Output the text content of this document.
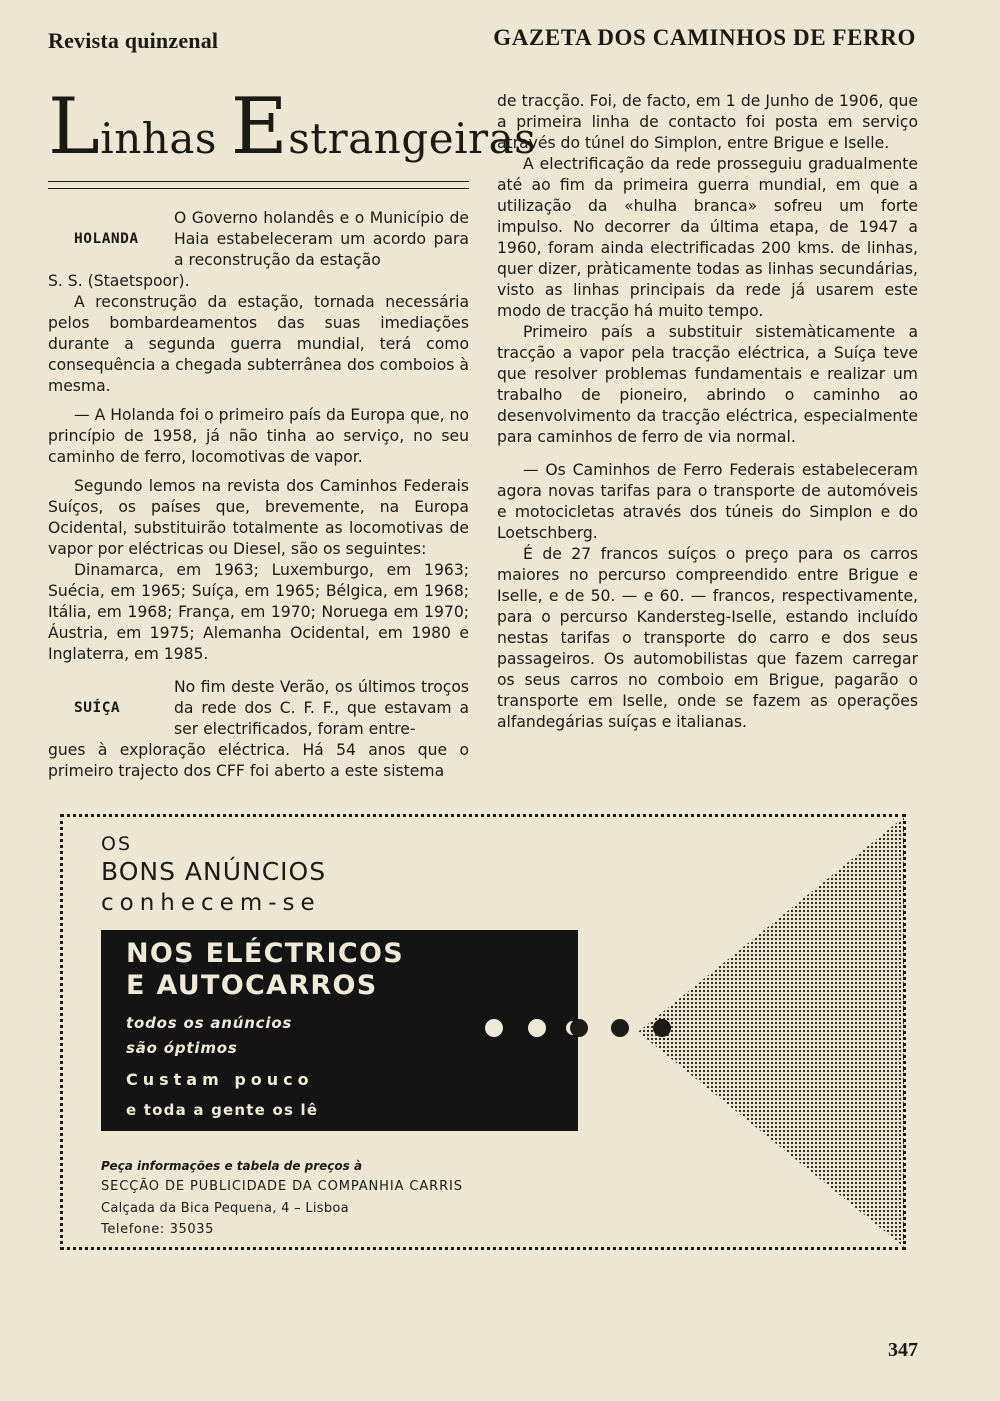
Revista quinzenal	GAZETA DOS CAMINHOS DE FERRO
Linhas Estrangeiras
HOLANDA

O Governo holandês e o Município de Haia estabeleceram um acordo para a reconstrução da estação

S. S. (Staetspoor).

A reconstrução da estação, tornada necessária pelos bombardeamentos das suas imediações durante a segunda guerra mundial, terá como consequência a chegada subterrânea dos comboios à mesma.

— A Holanda foi o primeiro país da Europa que, no princípio de 1958, já não tinha ao serviço, no seu caminho de ferro, locomotivas de vapor.

Segundo lemos na revista dos Caminhos Federais Suíços, os países que, brevemente, na Europa Ocidental, substituirão totalmente as locomotivas de vapor por eléctricas ou Diesel, são os seguintes:

Dinamarca, em 1963; Luxemburgo, em 1963; Suécia, em 1965; Suíça, em 1965; Bélgica, em 1968; Itália, em 1968; França, em 1970; Noruega em 1970; Áustria, em 1975; Alemanha Ocidental, em 1980 e Inglaterra, em 1985.

SUÍÇA

No fim deste Verão, os últimos troços da rede dos C. F. F., que estavam a ser electrificados, foram entre-

gues à exploração eléctrica. Há 54 anos que o primeiro trajecto dos CFF foi aberto a este sistema

de tracção. Foi, de facto, em 1 de Junho de 1906, que a primeira linha de contacto foi posta em serviço através do túnel do Simplon, entre Brigue e Iselle.

A electrificação da rede prosseguiu gradualmente até ao fim da primeira guerra mundial, em que a utilização da «hulha branca» sofreu um forte impulso. No decorrer da última etapa, de 1947 a 1960, foram ainda electrificadas 200 kms. de linhas, quer dizer, pràticamente todas as linhas secundárias, visto as linhas principais da rede já usarem este modo de tracção há muito tempo.

Primeiro país a substituir sistemàticamente a tracção a vapor pela tracção eléctrica, a Suíça teve que resolver problemas fundamentais e realizar um trabalho de pioneiro, abrindo o caminho ao desenvolvimento da tracção eléctrica, especialmente para caminhos de ferro de via normal.

— Os Caminhos de Ferro Federais estabeleceram agora novas tarifas para o transporte de automóveis e motocicletas através dos túneis do Simplon e do Loetschberg.

É de 27 francos suíços o preço para os carros maiores no percurso compreendido entre Brigue e Iselle, e de 50. — e 60. — francos, respectivamente, para o percurso Kandersteg-Iselle, estando incluído nestas tarifas o transporte do carro e dos seus passageiros. Os automobilistas que fazem carregar os seus carros no comboio em Brigue, pagarão o transporte em Iselle, onde se fazem as operações alfandegárias suíças e italianas.

OS
BONS ANÚNCIOS
conhecem-se
NOS ELÉCTRICOS
E AUTOCARROS
todos os anúncios
são óptimos
Custam pouco
e toda a gente os lê
Peça informações e tabela de preços à
SECÇÃO DE PUBLICIDADE DA COMPANHIA CARRIS
Calçada da Bica Pequena, 4 – Lisboa
Telefone: 35035
347
